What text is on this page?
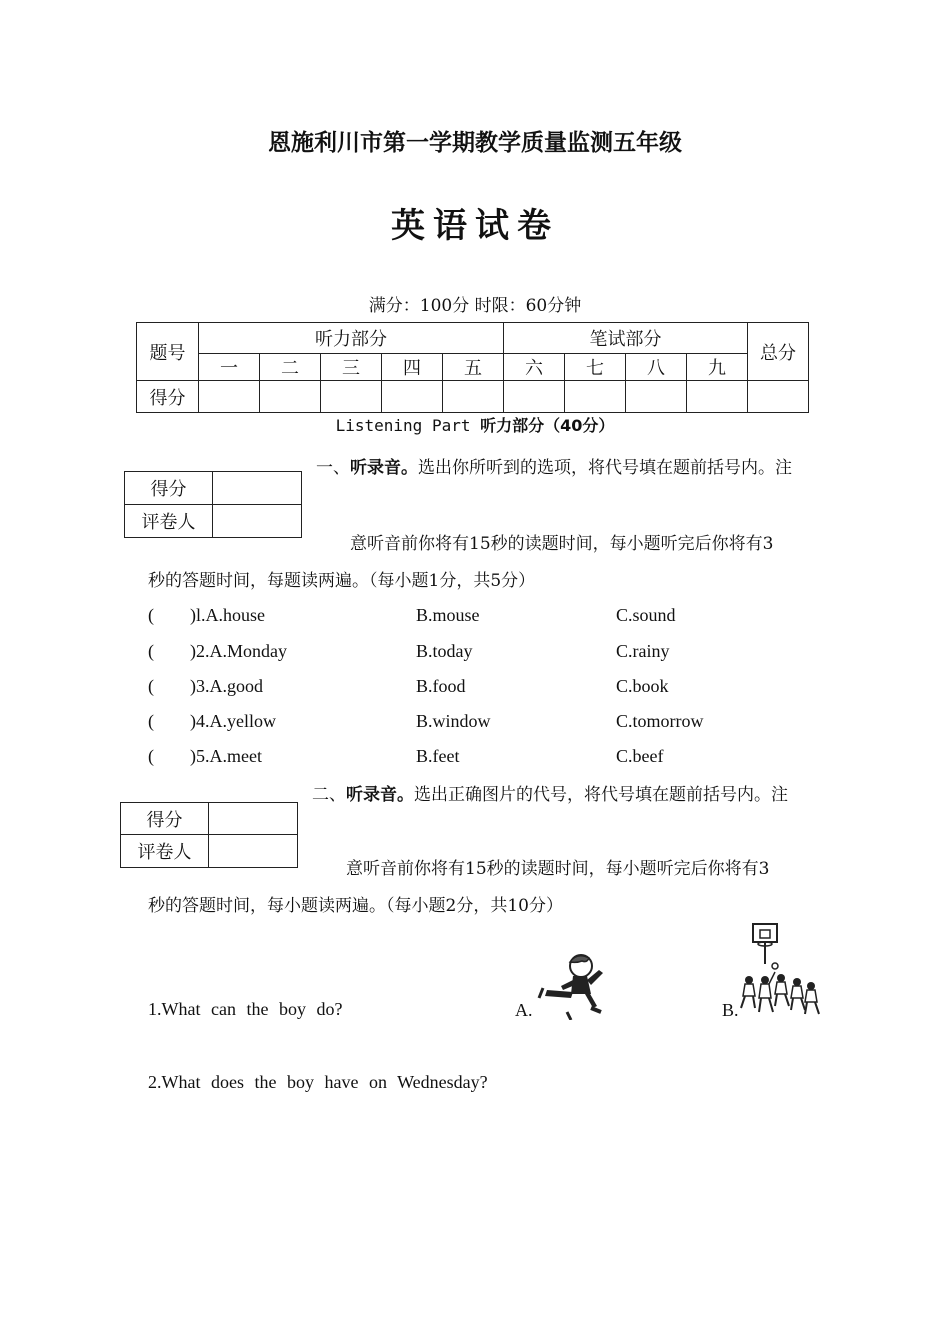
恩施利川市第一学期教学质量监测五年级
英语试卷
满分：100分 时限：60分钟
题号	听力部分					笔试部分				总分
	一	二	三	四	五	六	七	八	九	
得分										
Listening Part 听力部分（40分）
得分	
评卷人	
一、听录音。选出你所听到的选项，将代号填在题前括号内。注
意听音前你将有15秒的读题时间，每小题听完后你将有3
秒的答题时间，每题读两遍。（每小题1分，共5分）
( )l.A.house	B.mouse	C.sound
( )2.A.Monday	B.today	C.rainy
( )3.A.good	B.food	C.book
( )4.A.yellow	B.window	C.tomorrow
( )5.A.meet	B.feet	C.beef
得分	
评卷人	
二、听录音。选出正确图片的代号，将代号填在题前括号内。注
意听音前你将有15秒的读题时间，每小题听完后你将有3
秒的答题时间，每小题读两遍。（每小题2分，共10分）
1.What can the boy do?	A.	B.
2.What does the boy have on Wednesday?
